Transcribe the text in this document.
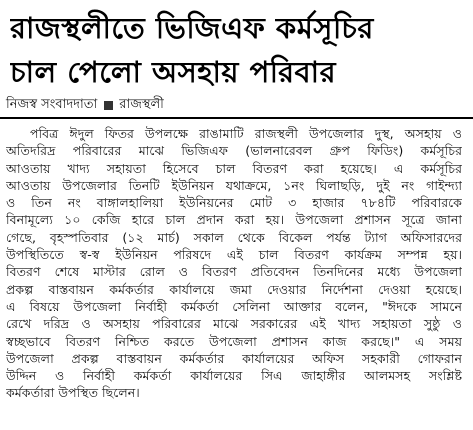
রাজস্থলীতে ভিজিএফ কর্মসূচির
চাল পেলো অসহায় পরিবার
নিজস্ব সংবাদদাতা রাজস্থলী
পবিত্র ঈদুল ফিতর উপলক্ষে রাঙামাটি রাজস্থলী উপজেলার দুস্থ, অসহায় ও
অতিদরিদ্র পরিবারের মাঝে ভিজিএফ (ভালনারেবল গ্রুপ ফিডিং) কর্মসূচির
আওতায় খাদ্য সহায়তা হিসেবে চাল বিতরণ করা হয়েছে। এ কর্মসূচির
আওতায় উপজেলার তিনটি ইউনিয়ন যথাক্রমে, ১নং ঘিলাছড়ি, দুই নং গাইন্দ্যা
ও তিন নং বাঙ্গালহালিয়া ইউনিয়নের মোট ৩ হাজার ৭৮৪টি পরিবারকে
বিনামূল্যে ১০ কেজি হারে চাল প্রদান করা হয়। উপজেলা প্রশাসন সূত্রে জানা
গেছে, বৃহস্পতিবার (১২ মার্চ) সকাল থেকে বিকেল পর্যন্ত ট্যাগ অফিসারদের
উপস্থিতিতে স্ব-স্ব ইউনিয়ন পরিষদে এই চাল বিতরণ কার্যক্রম সম্পন্ন হয়।
বিতরণ শেষে মাস্টার রোল ও বিতরণ প্রতিবেদন তিনদিনের মধ্যে উপজেলা
প্রকল্প বাস্তবায়ন কর্মকর্তার কার্যালয়ে জমা দেওয়ার নির্দেশনা দেওয়া হয়েছে।
এ বিষয়ে উপজেলা নির্বাহী কর্মকর্তা সেলিনা আক্তার বলেন, "ঈদকে সামনে
রেখে দরিদ্র ও অসহায় পরিবারের মাঝে সরকারের এই খাদ্য সহায়তা সুষ্ঠু ও
স্বচ্ছভাবে বিতরণ নিশ্চিত করতে উপজেলা প্রশাসন কাজ করছে।" এ সময়
উপজেলা প্রকল্প বাস্তবায়ন কর্মকর্তার কার্যালয়ের অফিস সহকারী গোফরান
উদ্দিন ও নির্বাহী কর্মকর্তা কার্যালয়ের সিএ জাহাঙ্গীর আলমসহ সংশ্লিষ্ট
কর্মকর্তারা উপস্থিত ছিলেন।
